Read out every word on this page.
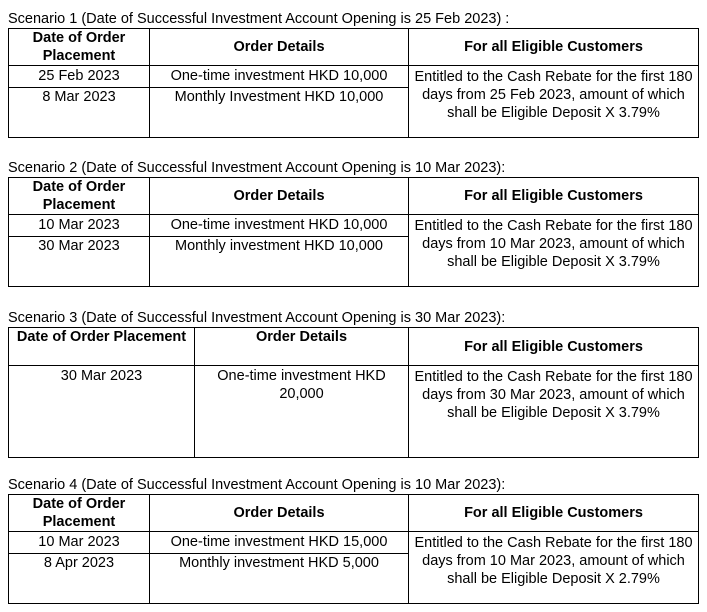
Scenario 1 (Date of Successful Investment Account Opening is 25 Feb 2023) :
Date of Order Placement	Order Details	For all Eligible Customers
25 Feb 2023	One-time investment HKD 10,000	Entitled to the Cash Rebate for the first 180 days from 25 Feb 2023, amount of which shall be Eligible Deposit X 3.79%
8 Mar 2023	Monthly Investment HKD 10,000	
Scenario 2 (Date of Successful Investment Account Opening is 10 Mar 2023):
Date of Order Placement	Order Details	For all Eligible Customers
10 Mar 2023	One-time investment HKD 10,000	Entitled to the Cash Rebate for the first 180 days from 10 Mar 2023, amount of which shall be Eligible Deposit X 3.79%
30 Mar 2023	Monthly investment HKD 10,000	
Scenario 3 (Date of Successful Investment Account Opening is 30 Mar 2023):
Date of Order Placement	Order Details	For all Eligible Customers
30 Mar 2023	One-time investment HKD 20,000	Entitled to the Cash Rebate for the first 180 days from 30 Mar 2023, amount of which shall be Eligible Deposit X 3.79%
Scenario 4 (Date of Successful Investment Account Opening is 10 Mar 2023):
Date of Order Placement	Order Details	For all Eligible Customers
10 Mar 2023	One-time investment HKD 15,000	Entitled to the Cash Rebate for the first 180 days from 10 Mar 2023, amount of which shall be Eligible Deposit X 2.79%
8 Apr 2023	Monthly investment HKD 5,000	
